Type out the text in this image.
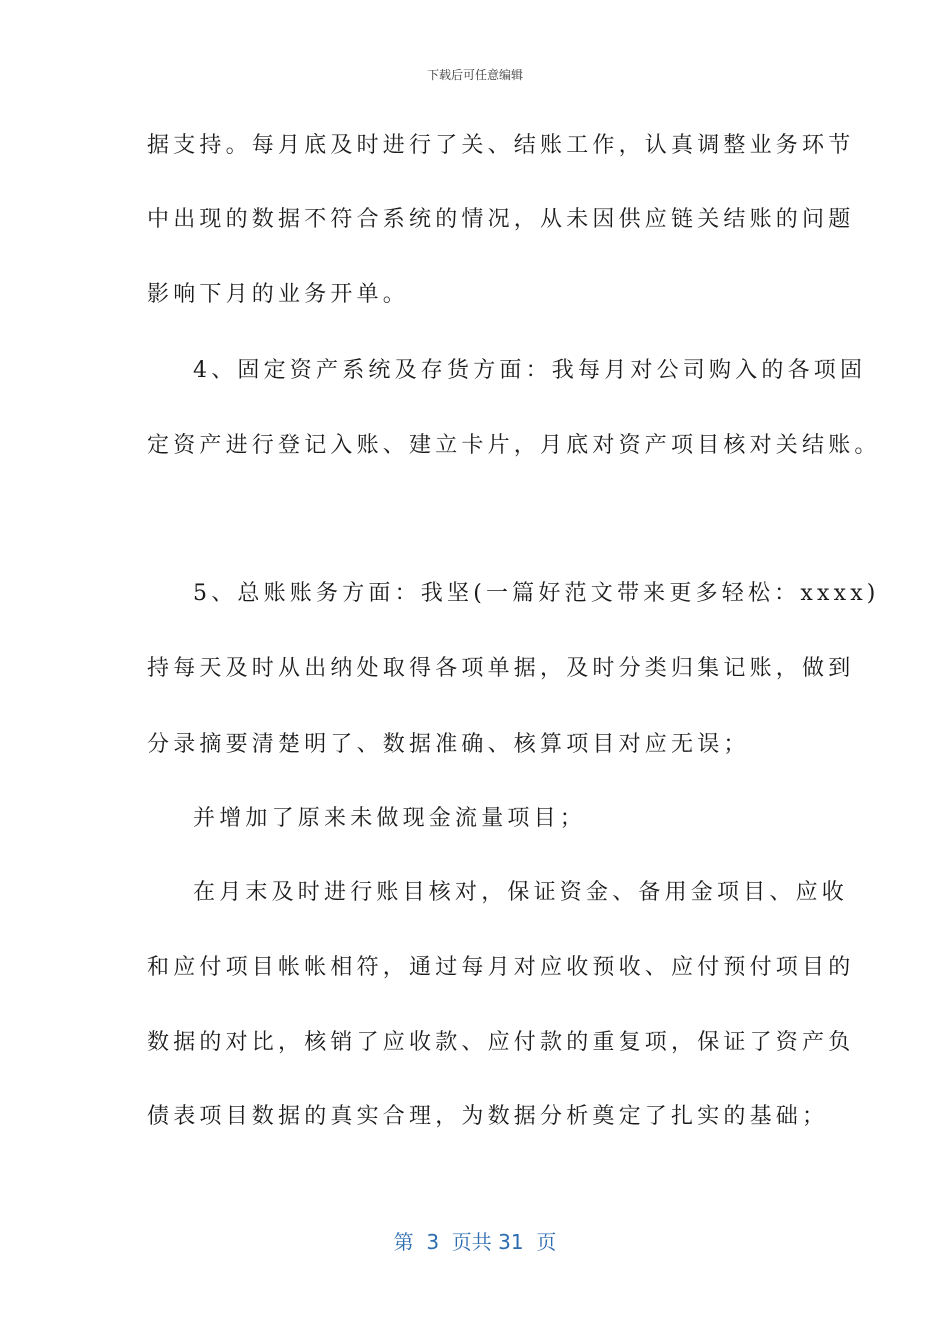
下载后可任意编辑
据支持。每月底及时进行了关、结账工作，认真调整业务环节
中出现的数据不符合系统的情况，从未因供应链关结账的问题
影响下月的业务开单。
4、固定资产系统及存货方面：我每月对公司购入的各项固
定资产进行登记入账、建立卡片，月底对资产项目核对关结账。
5、总账账务方面：我坚(一篇好范文带来更多轻松：xxxx)
持每天及时从出纳处取得各项单据，及时分类归集记账，做到
分录摘要清楚明了、数据准确、核算项目对应无误；
并增加了原来未做现金流量项目；
在月末及时进行账目核对，保证资金、备用金项目、应收
和应付项目帐帐相符，通过每月对应收预收、应付预付项目的
数据的对比，核销了应收款、应付款的重复项，保证了资产负
债表项目数据的真实合理，为数据分析奠定了扎实的基础；
第  3  页共 31  页
